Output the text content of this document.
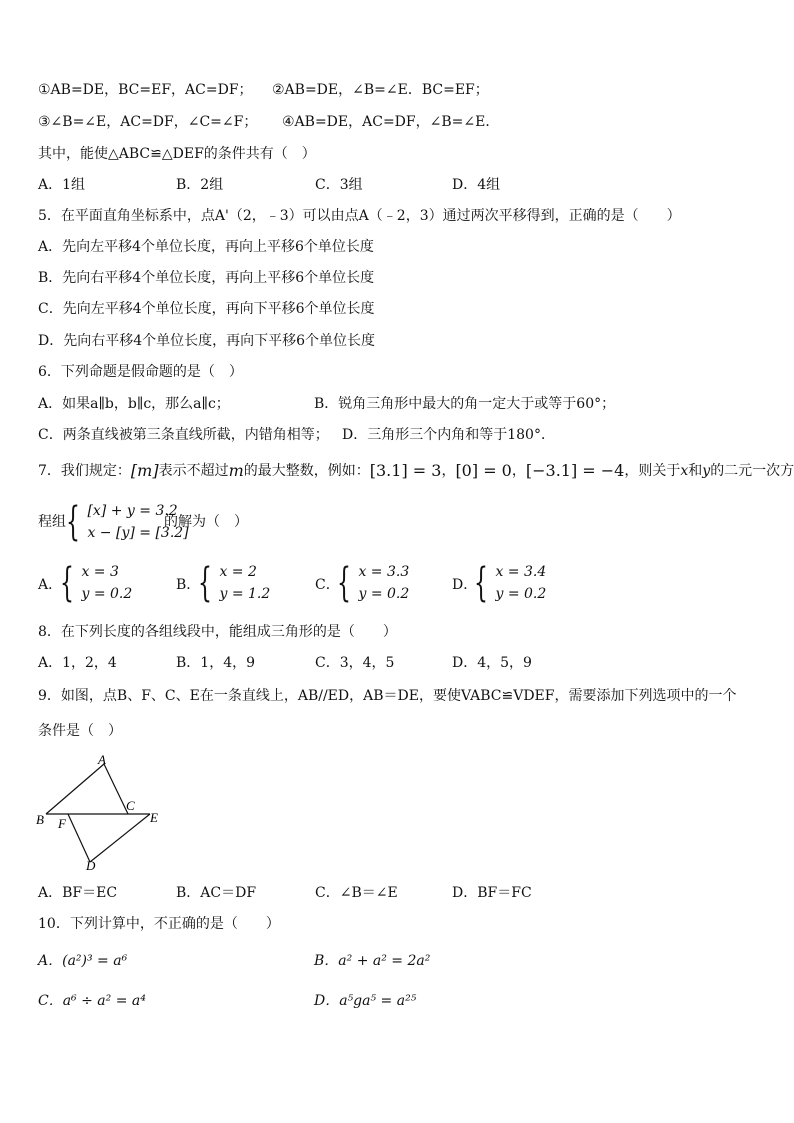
①AB=DE，BC=EF，AC=DF； ②AB=DE，∠B=∠E．BC=EF；
③∠B=∠E，AC=DF，∠C=∠F； ④AB=DE，AC=DF，∠B=∠E．
其中，能使△ABC≌△DEF的条件共有（　）
A．1组	B．2组	C．3组	D．4组
5．在平面直角坐标系中，点A'（2，﹣3）可以由点A（﹣2，3）通过两次平移得到，正确的是（　　）
A．先向左平移4个单位长度，再向上平移6个单位长度
B．先向右平移4个单位长度，再向上平移6个单位长度
C．先向左平移4个单位长度，再向下平移6个单位长度
D．先向右平移4个单位长度，再向下平移6个单位长度
6．下列命题是假命题的是（　）
A．如果a∥b，b∥c，那么a∥c；	B．锐角三角形中最大的角一定大于或等于60°；
C．两条直线被第三条直线所截，内错角相等； D．三角形三个内角和等于180°．
7．我们规定： [m] 表示不超过 m 的最大整数，例如： [3.1] = 3 ， [0] = 0 ， [−3.1] = −4 ，则关于 x 和 y 的二元一次方
程组 { [x] + y = 3.2
x − [y] = [3.2]
的解为（　）
A．
{ x = 3
y = 0.2
B．
{ x = 2
y = 1.2
C．
{ x = 3.3
y = 0.2
D．
{ x = 3.4
y = 0.2
8．在下列长度的各组线段中，能组成三角形的是（　　）
A．1，2，4	B．1，4，9	C．3，4，5	D．4，5，9
9．如图，点B、F、C、E在一条直线上，AB//ED，AB＝DE，要使VABC≌VDEF，需要添加下列选项中的一个
条件是（　）
A
B F
C
E
D
A．BF＝EC	B．AC＝DF	C．∠B＝∠E	D．BF＝FC
10．下列计算中，不正确的是（　　）
A．(a²)³ = a⁶	B．a² + a² = 2a²
C．a⁶ ÷ a² = a⁴	D．a⁵ga⁵ = a²⁵
